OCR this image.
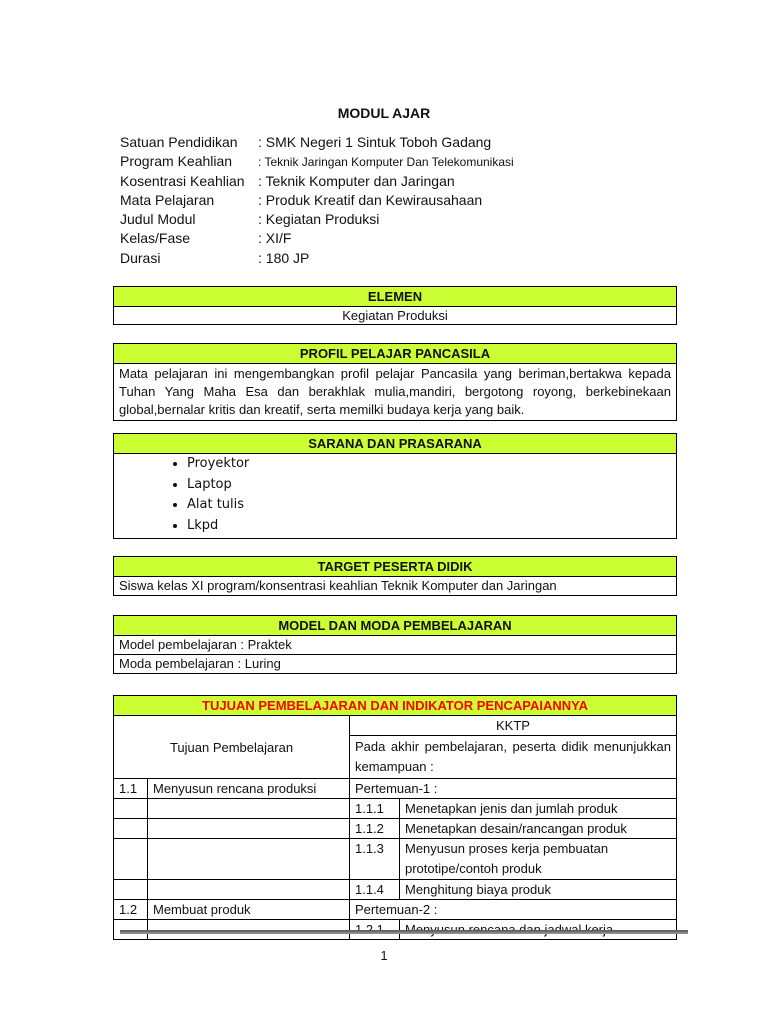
MODUL AJAR
Satuan Pendidikan : SMK Negeri 1 Sintuk Toboh Gadang
Program Keahlian : Teknik Jaringan Komputer Dan Telekomunikasi
Kosentrasi Keahlian : Teknik Komputer dan Jaringan
Mata Pelajaran	: Produk Kreatif dan Kewirausahaan
Judul Modul	: Kegiatan Produksi
Kelas/Fase	: XI/F
Durasi	: 180 JP
ELEMEN
Kegiatan Produksi
PROFIL PELAJAR PANCASILA
Mata pelajaran ini mengembangkan profil pelajar Pancasila yang beriman,bertakwa kepada Tuhan Yang Maha Esa dan berakhlak mulia,mandiri, bergotong royong, berkebinekaan global,bernalar kritis dan kreatif, serta memilki budaya kerja yang baik.
SARANA DAN PRASARANA

• Proyektor
• Laptop
• Alat tulis
• Lkpd
TARGET PESERTA DIDIK
Siswa kelas XI program/konsentrasi keahlian Teknik Komputer dan Jaringan
MODEL DAN MODA PEMBELAJARAN
Model pembelajaran : Praktek
Moda pembelajaran : Luring
TUJUAN PEMBELAJARAN DAN INDIKATOR PENCAPAIANNYA			
Tujuan Pembelajaran		KKTP	
		Pada akhir pembelajaran, peserta didik menunjukkan kemampuan :	
1.1	Menyusun rencana produksi	Pertemuan-1 :	
		1.1.1	Menetapkan jenis dan jumlah produk
		1.1.2	Menetapkan desain/rancangan produk
		1.1.3	Menyusun proses kerja pembuatan prototipe/contoh produk
		1.1.4	Menghitung biaya produk
1.2	Membuat produk	Pertemuan-2 :	

1
